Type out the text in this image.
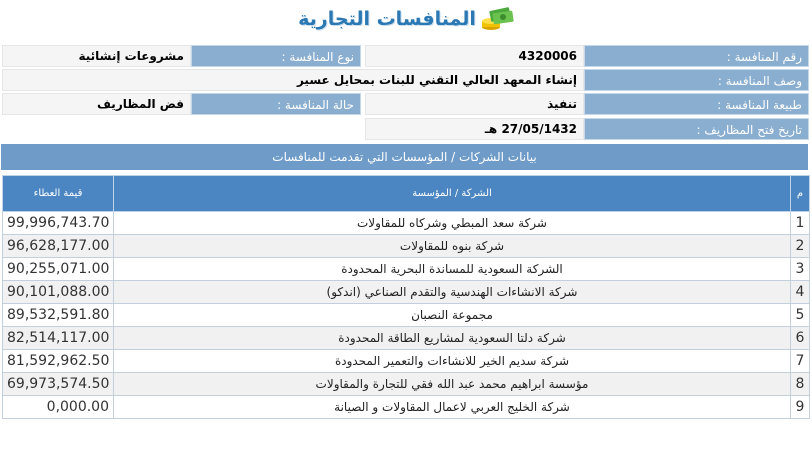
المنافسات التجارية
رقم المنافسة :
4320006
نوع المنافسة :
مشروعات إنشائية
وصف المنافسة :
إنشاء المعهد العالي التقني للبنات بمحايل عسير
طبيعة المنافسة :
تنفيذ
حالة المنافسة :
فض المظاريف
تاريخ فتح المظاريف :
27/05/1432 هـ
بيانات الشركات / المؤسسات التي تقدمت للمنافسات
قيمة العطاء	الشركة / المؤسسة	م
99,996,743.70	شركة سعد المبطي وشركاه للمقاولات	1
96,628,177.00	شركة بنوه للمقاولات	2
90,255,071.00	الشركة السعودية للمساندة البحرية المحدودة	3
90,101,088.00	شركة الانشاءات الهندسية والتقدم الصناعي (اندكو)	4
89,532,591.80	مجموعة النصبان	5
82,514,117.00	شركة دلتا السعودية لمشاريع الطاقة المحدودة	6
81,592,962.50	شركة سديم الخير للانشاءات والتعمير المحدودة	7
69,973,574.50	مؤسسة ابراهيم محمد عبد الله فقي للتجارة والمقاولات	8
0,000.00	شركة الخليج العربي لاعمال المقاولات و الصيانة	9
